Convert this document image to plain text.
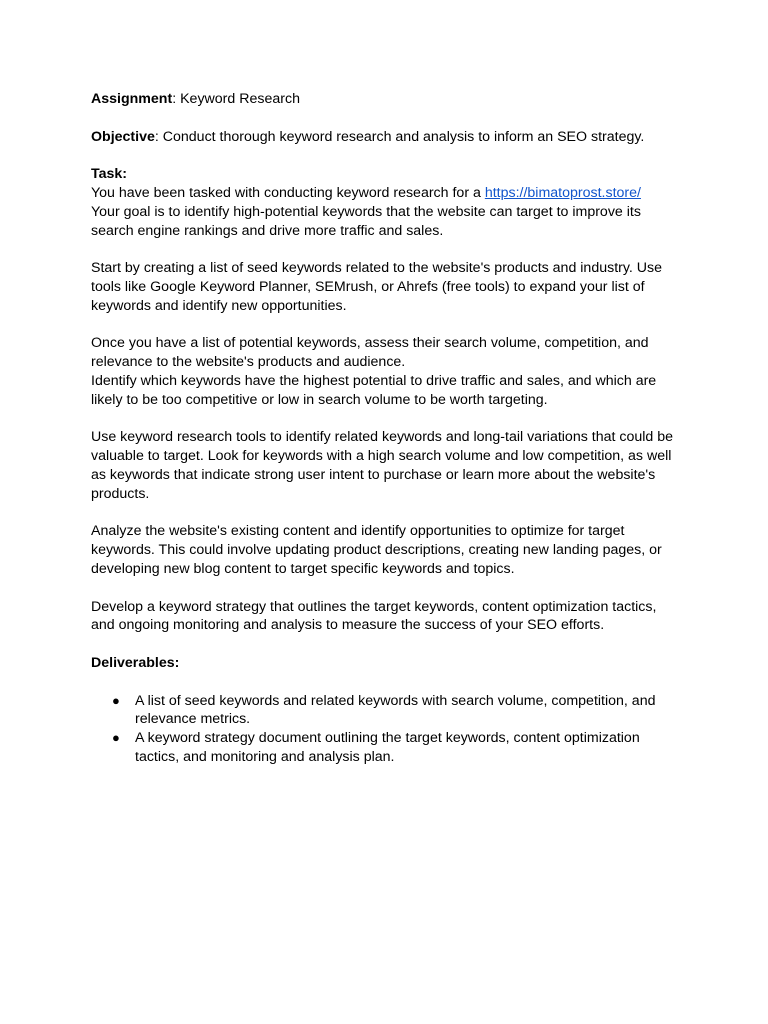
Assignment: Keyword Research

Objective: Conduct thorough keyword research and analysis to inform an SEO strategy.

Task:
You have been tasked with conducting keyword research for a https://bimatoprost.store/
Your goal is to identify high-potential keywords that the website can target to improve its search engine rankings and drive more traffic and sales.

Start by creating a list of seed keywords related to the website's products and industry. Use tools like Google Keyword Planner, SEMrush, or Ahrefs (free tools) to expand your list of keywords and identify new opportunities.

Once you have a list of potential keywords, assess their search volume, competition, and relevance to the website's products and audience.
Identify which keywords have the highest potential to drive traffic and sales, and which are likely to be too competitive or low in search volume to be worth targeting.

Use keyword research tools to identify related keywords and long-tail variations that could be valuable to target. Look for keywords with a high search volume and low competition, as well as keywords that indicate strong user intent to purchase or learn more about the website's products.

Analyze the website's existing content and identify opportunities to optimize for target keywords. This could involve updating product descriptions, creating new landing pages, or developing new blog content to target specific keywords and topics.

Develop a keyword strategy that outlines the target keywords, content optimization tactics, and ongoing monitoring and analysis to measure the success of your SEO efforts.

Deliverables:

● A list of seed keywords and related keywords with search volume, competition, and relevance metrics.
● A keyword strategy document outlining the target keywords, content optimization tactics, and monitoring and analysis plan.
